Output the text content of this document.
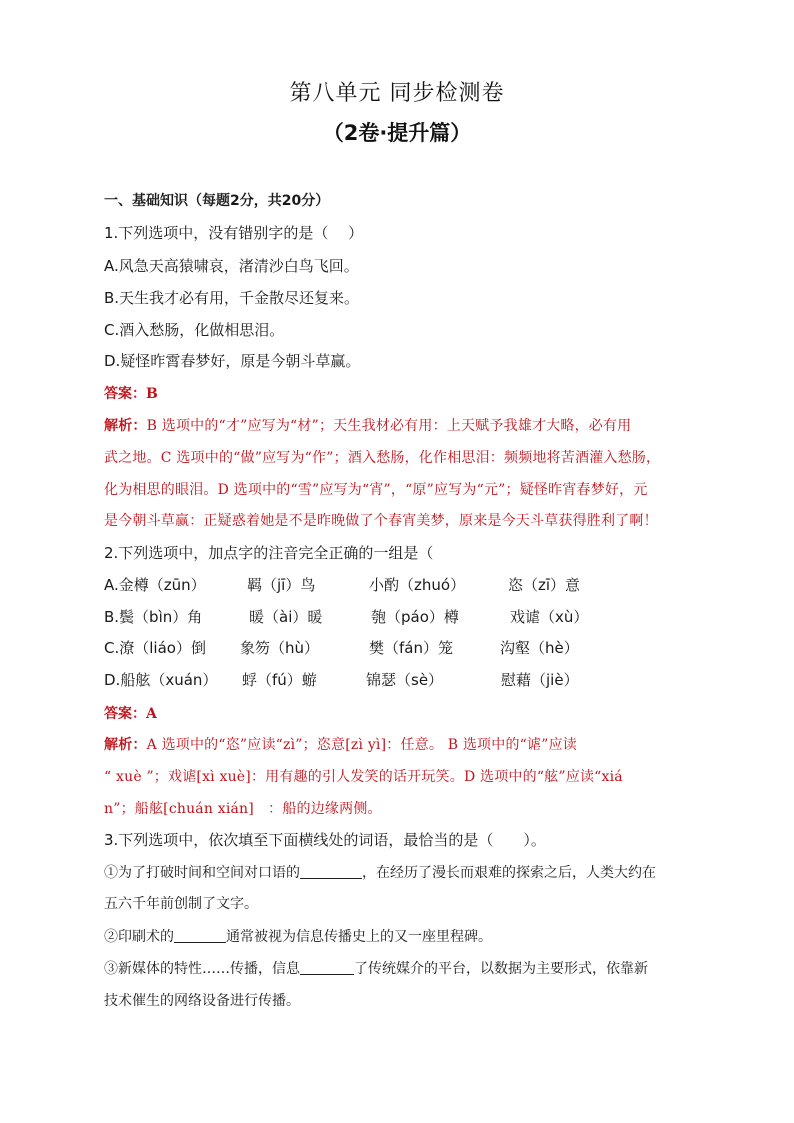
第八单元 同步检测卷
（2卷·提升篇）
一、基础知识（每题2分，共20分）
1.下列选项中，没有错别字的是（　 ）
A.风急天高猿啸哀，渚清沙白鸟飞回。
B.天生我才必有用，千金散尽还复来。
C.酒入愁肠，化做相思泪。
D.疑怪昨霄春梦好，原是今朝斗草赢。
答案：B
解析：B 选项中的“才”应写为“材”；天生我材必有用：上天赋予我雄才大略，必有用
武之地。C 选项中的“做”应写为“作”；酒入愁肠，化作相思泪：频频地将苦酒灌入愁肠，
化为相思的眼泪。D 选项中的“雪”应写为“宵”，“原”应写为“元”；疑怪昨宵春梦好，元
是今朝斗草赢：正疑惑着她是不是昨晚做了个春宵美梦，原来是今天斗草获得胜利了啊！
2.下列选项中，加点字的注音完全正确的一组是（
A.金樽（zūn）	羁（jī）鸟	小酌（zhuó）	恣（zī）意
B.鬓（bìn）角	暖（ài）暖	匏（páo）樽	戏谑（xù）
C.潦（liáo）倒 象笏（hù）	樊（fán）笼	沟壑（hè）
D.船舷（xuán） 蜉（fú）蝣	锦瑟（sè）	慰藉（jiè）
答案：A
解析：A 选项中的“恣”应读“zì”；恣意[zì yì]：任意。 B 选项中的“谑”应读
“ xuè ”；戏谑[xì xuè]：用有趣的引人发笑的话开玩笑。D 选项中的“舷”应读“xiá
n”；船舷[chuán xián]　：船的边缘两侧。
3.下列选项中，依次填至下面横线处的词语，最恰当的是（　　）。
①为了打破时间和空间对口语的	，在经历了漫长而艰难的探索之后，人类大约在
五六千年前创制了文字。
②印刷术的	通常被视为信息传播史上的又一座里程碑。
③新媒体的特性……传播，信息	了传统媒介的平台，以数据为主要形式，依靠新
技术催生的网络设备进行传播。
